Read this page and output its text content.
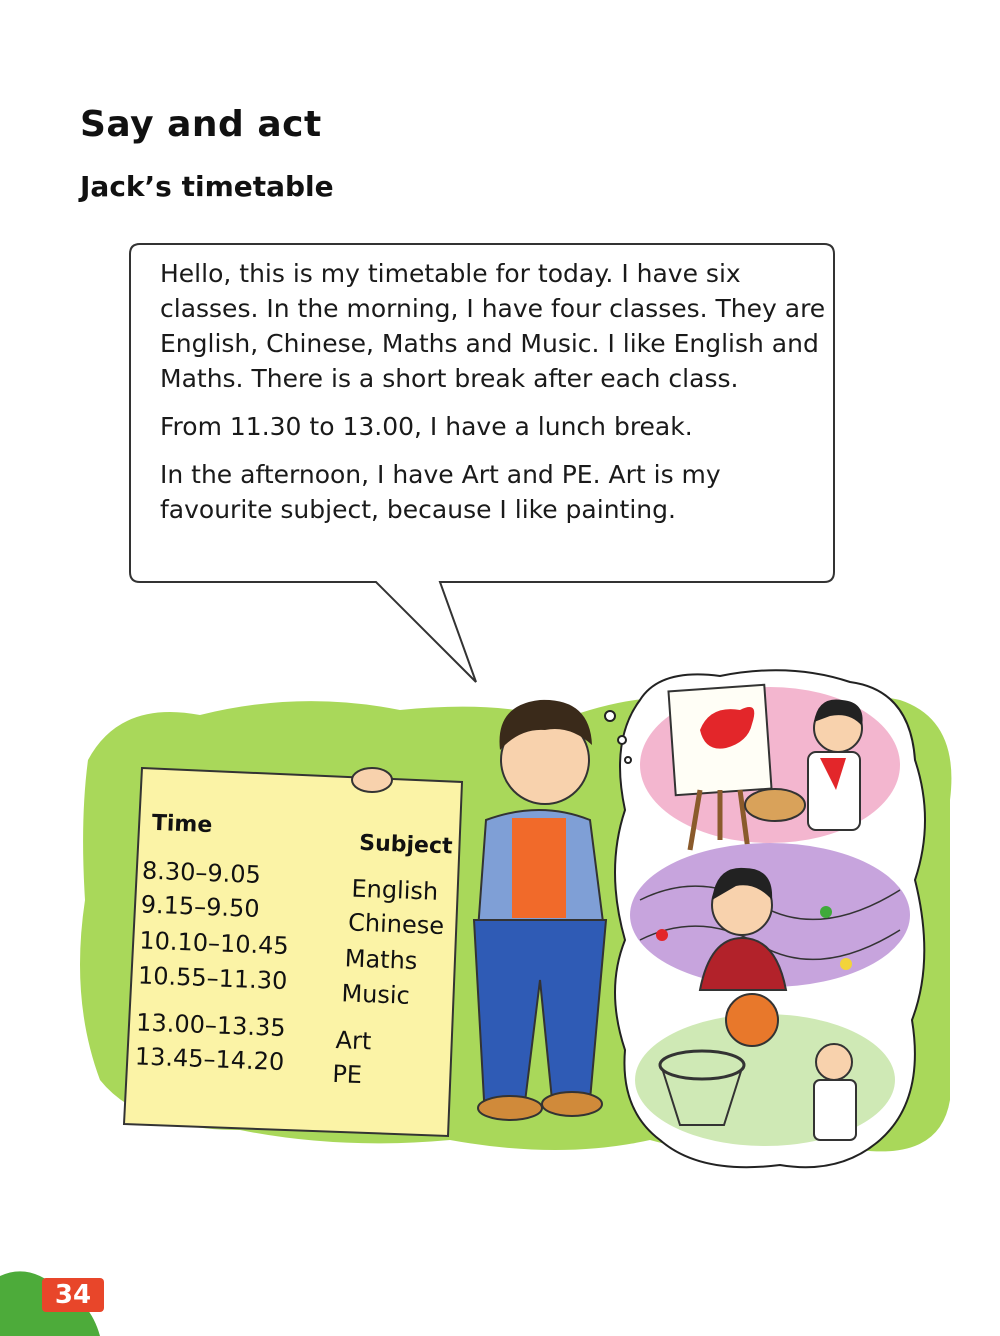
Say and act
Jack’s timetable

Hello, this is my timetable for today. I have six classes. In the morning, I have four classes. They are English, Chinese, Maths and Music. I like English and Maths. There is a short break after each class.

From 11.30 to 13.00, I have a lunch break.

In the afternoon, I have Art and PE. Art is my favourite subject, because I like painting.

Time
Subject
8.30–9.05
9.15–9.50
10.10–10.45
10.55–11.30
13.00–13.35
13.45–14.20
English
Chinese
Maths
Music
Art
PE
34
